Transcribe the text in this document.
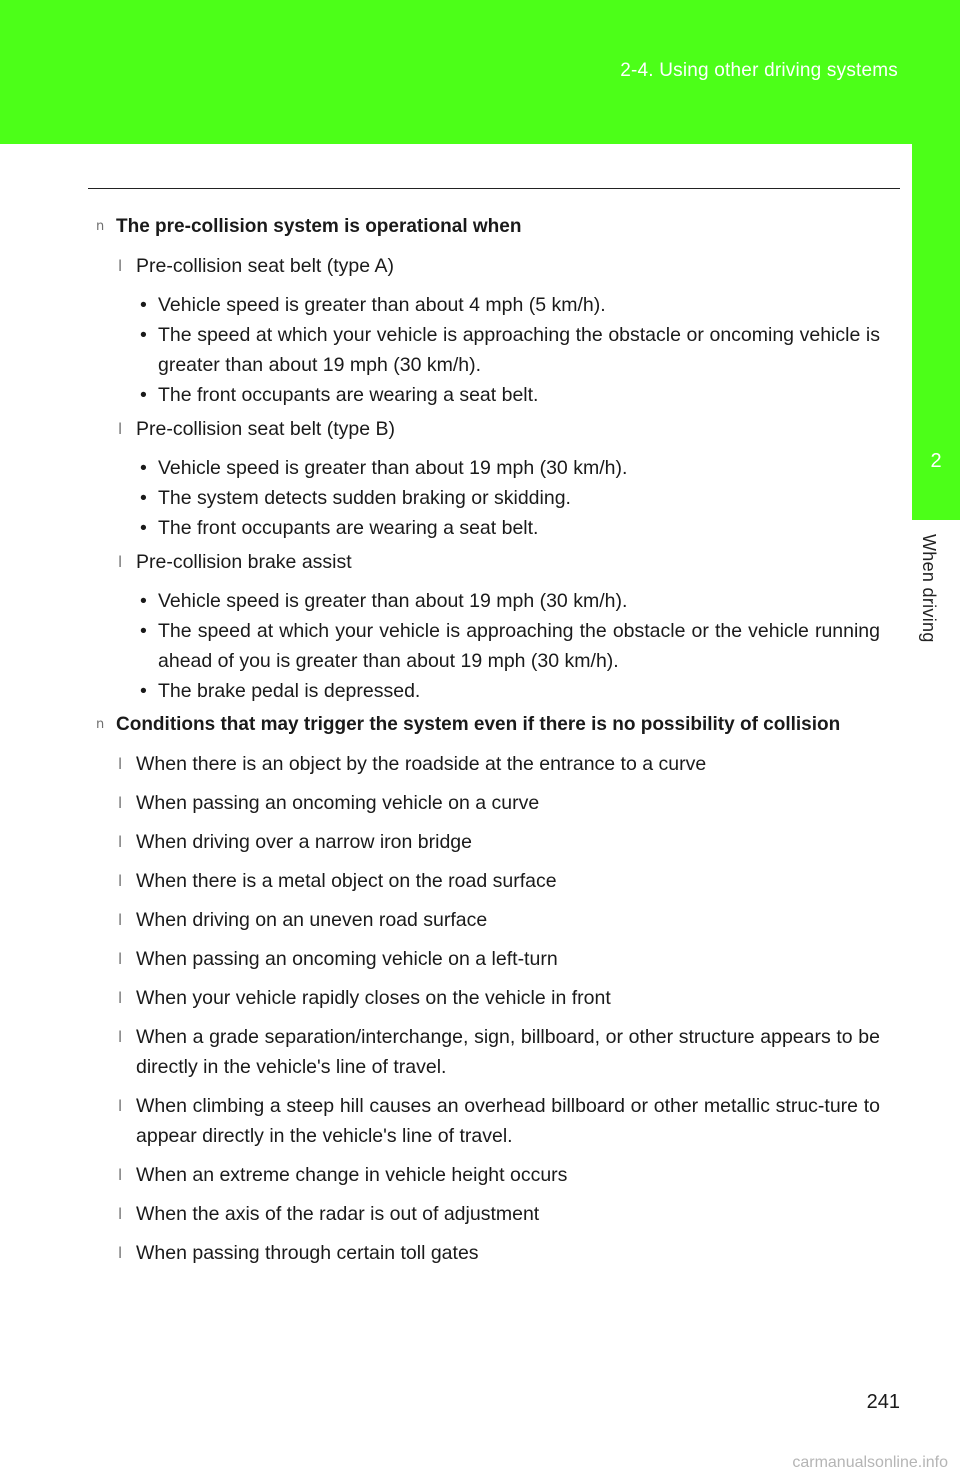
2-4. Using other driving systems
2
When driving
n The pre-collision system is operational when
l Pre-collision seat belt (type A)
• Vehicle speed is greater than about 4 mph (5 km/h).
• The speed at which your vehicle is approaching the obstacle or oncoming vehicle is greater than about 19 mph (30 km/h).
• The front occupants are wearing a seat belt.
l Pre-collision seat belt (type B)
• Vehicle speed is greater than about 19 mph (30 km/h).
• The system detects sudden braking or skidding.
• The front occupants are wearing a seat belt.
l Pre-collision brake assist
• Vehicle speed is greater than about 19 mph (30 km/h).
• The speed at which your vehicle is approaching the obstacle or the vehicle running ahead of you is greater than about 19 mph (30 km/h).
• The brake pedal is depressed.
n Conditions that may trigger the system even if there is no possibility of collision
l When there is an object by the roadside at the entrance to a curve
l When passing an oncoming vehicle on a curve
l When driving over a narrow iron bridge
l When there is a metal object on the road surface
l When driving on an uneven road surface
l When passing an oncoming vehicle on a left-turn
l When your vehicle rapidly closes on the vehicle in front
l When a grade separation/interchange, sign, billboard, or other structure appears to be directly in the vehicle's line of travel.
l When climbing a steep hill causes an overhead billboard or other metallic struc-ture to appear directly in the vehicle's line of travel.
l When an extreme change in vehicle height occurs
l When the axis of the radar is out of adjustment
l When passing through certain toll gates
241
carmanualsonline.info
